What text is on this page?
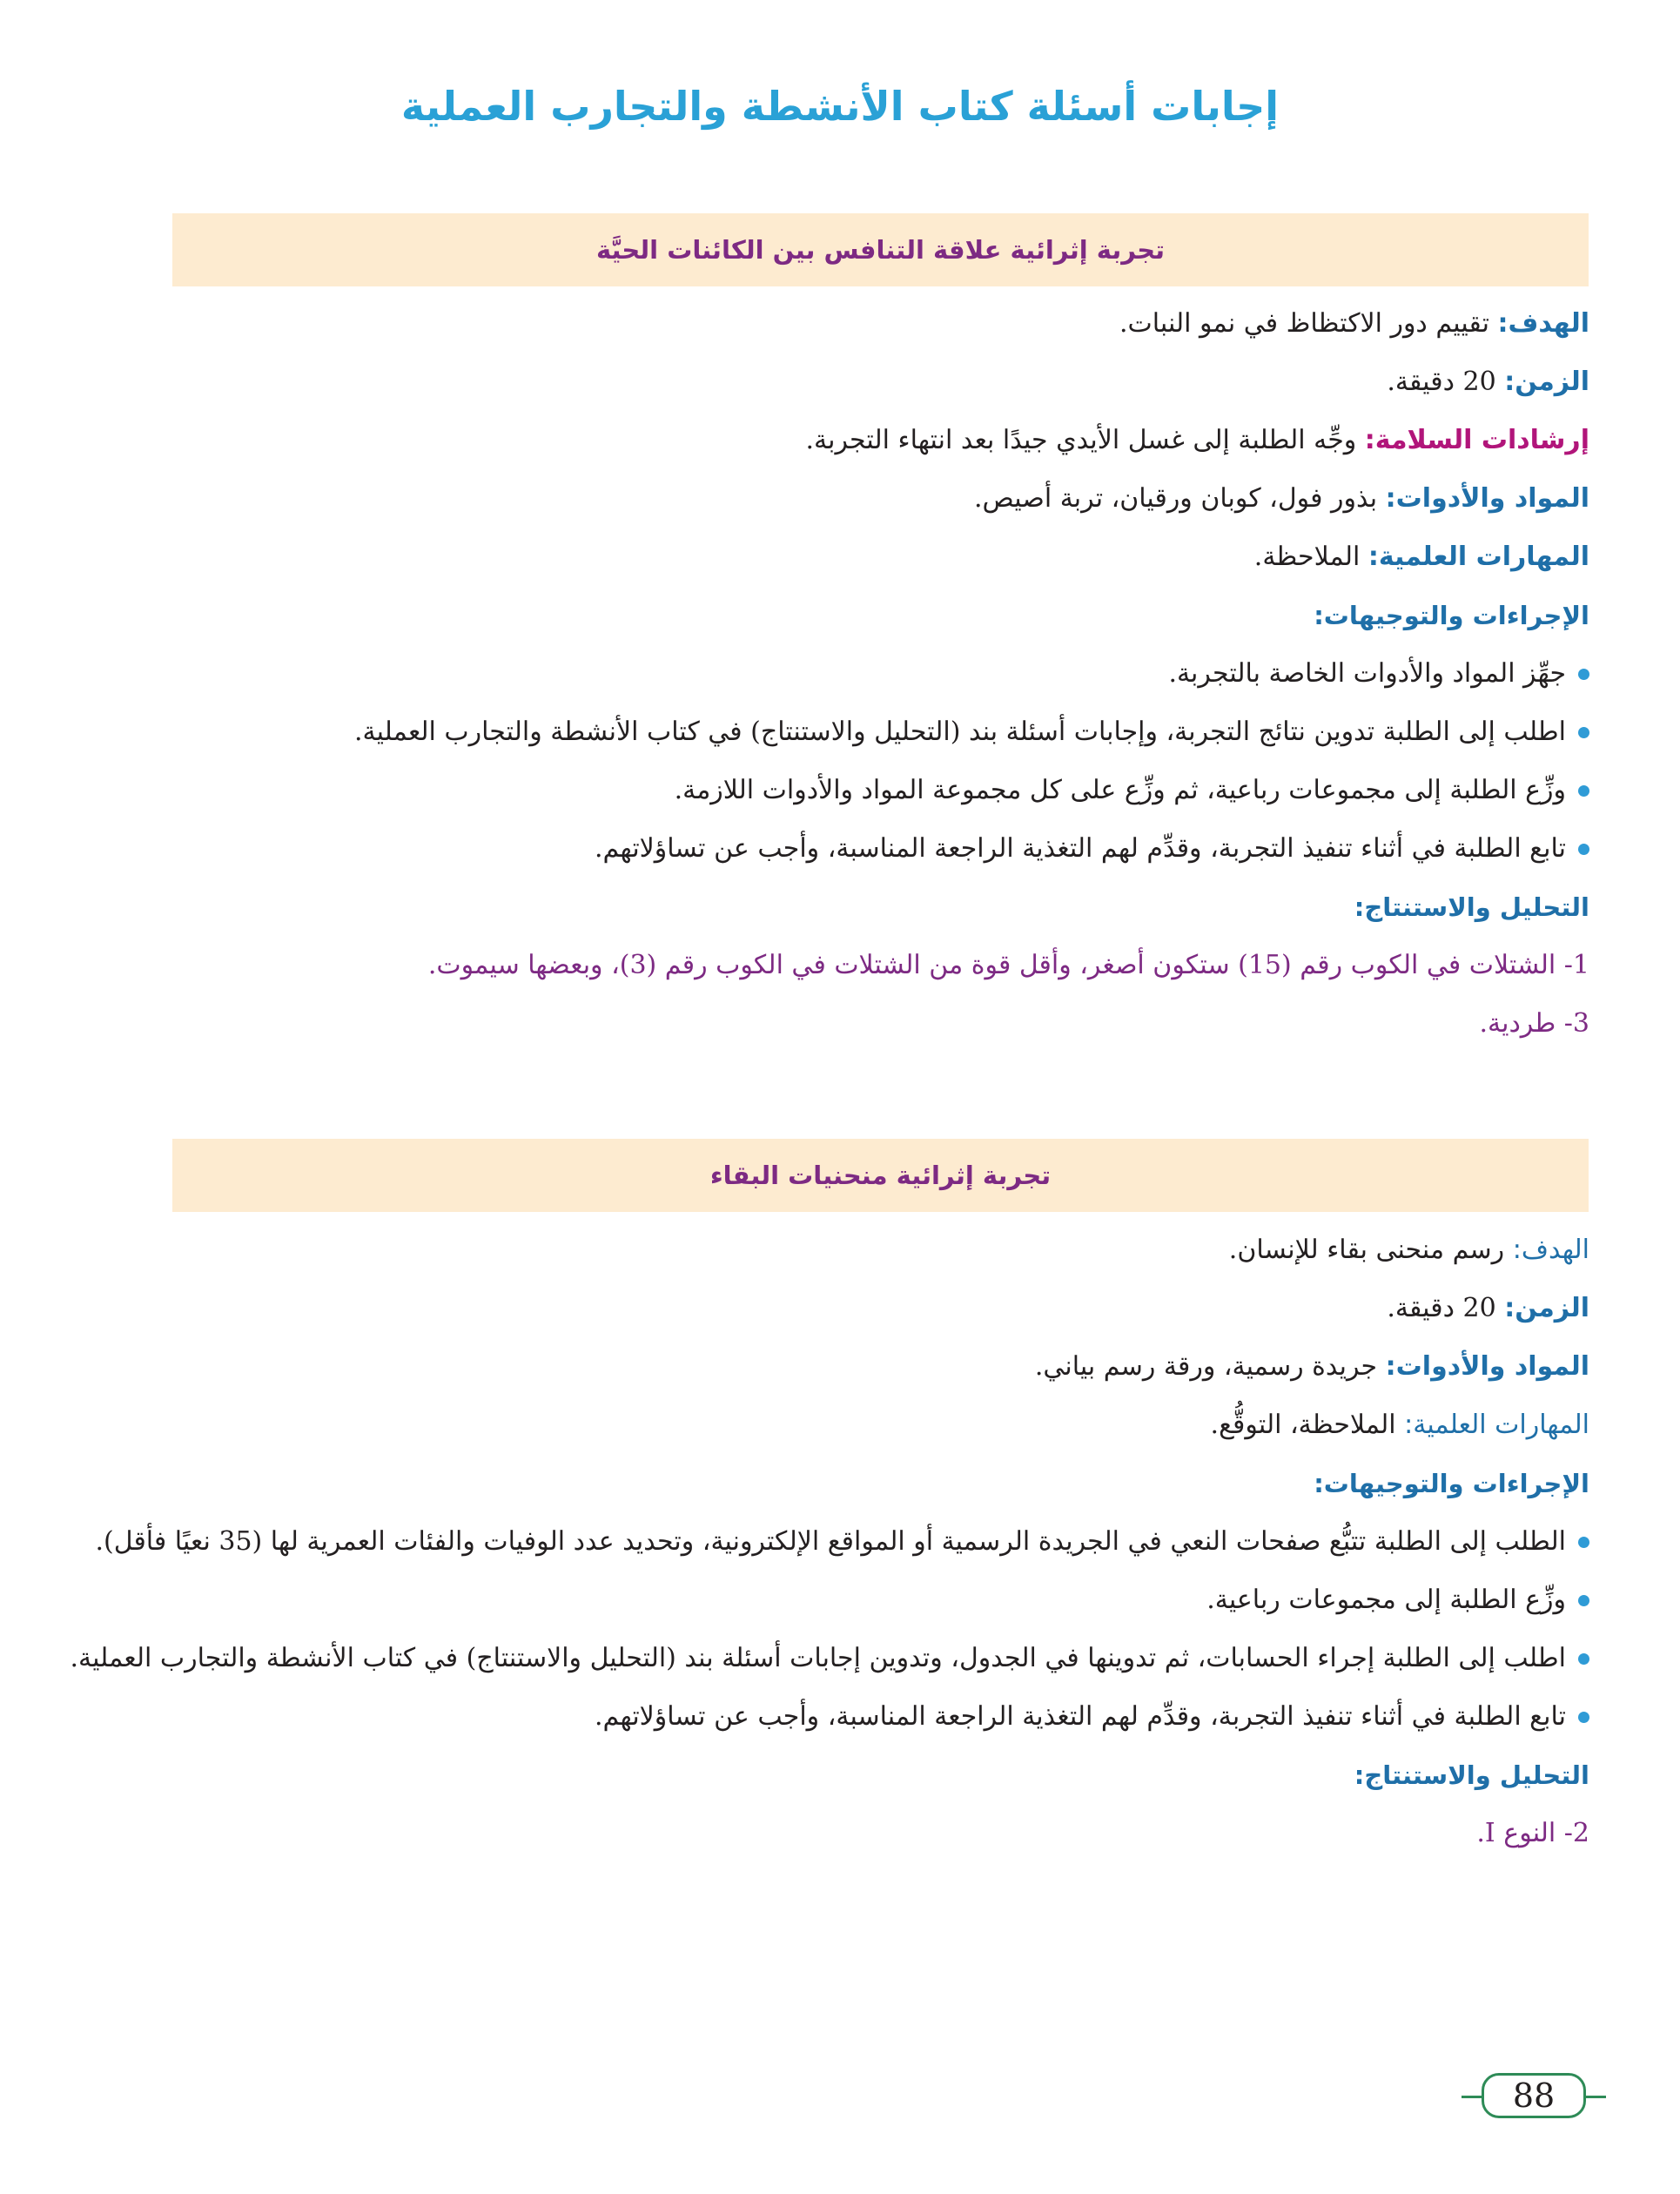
إجابات أسئلة كتاب الأنشطة والتجارب العملية
تجربة إثرائية علاقة التنافس بين الكائنات الحيَّة

الهدف: تقييم دور الاكتظاظ في نمو النبات.

الزمن: 20 دقيقة.

إرشادات السلامة: وجِّه الطلبة إلى غسل الأيدي جيدًا بعد انتهاء التجربة.

المواد والأدوات: بذور فول، كوبان ورقيان، تربة أصيص.

المهارات العلمية: الملاحظة.

الإجراءات والتوجيهات:

جهِّز المواد والأدوات الخاصة بالتجربة.

اطلب إلى الطلبة تدوين نتائج التجربة، وإجابات أسئلة بند (التحليل والاستنتاج) في كتاب الأنشطة والتجارب العملية.

وزِّع الطلبة إلى مجموعات رباعية، ثم وزِّع على كل مجموعة المواد والأدوات اللازمة.

تابع الطلبة في أثناء تنفيذ التجربة، وقدِّم لهم التغذية الراجعة المناسبة، وأجب عن تساؤلاتهم.

التحليل والاستنتاج:

1- الشتلات في الكوب رقم (15) ستكون أصغر، وأقل قوة من الشتلات في الكوب رقم (3)، وبعضها سيموت.

3- طردية.

تجربة إثرائية منحنيات البقاء

الهدف: رسم منحنى بقاء للإنسان.

الزمن: 20 دقيقة.

المواد والأدوات: جريدة رسمية، ورقة رسم بياني.

المهارات العلمية: الملاحظة، التوقُّع.

الإجراءات والتوجيهات:

الطلب إلى الطلبة تتبُّع صفحات النعي في الجريدة الرسمية أو المواقع الإلكترونية، وتحديد عدد الوفيات والفئات العمرية لها (35 نعيًا فأقل).

وزِّع الطلبة إلى مجموعات رباعية.

اطلب إلى الطلبة إجراء الحسابات، ثم تدوينها في الجدول، وتدوين إجابات أسئلة بند (التحليل والاستنتاج) في كتاب الأنشطة والتجارب العملية.

تابع الطلبة في أثناء تنفيذ التجربة، وقدِّم لهم التغذية الراجعة المناسبة، وأجب عن تساؤلاتهم.

التحليل والاستنتاج:

2- النوع I.

88
